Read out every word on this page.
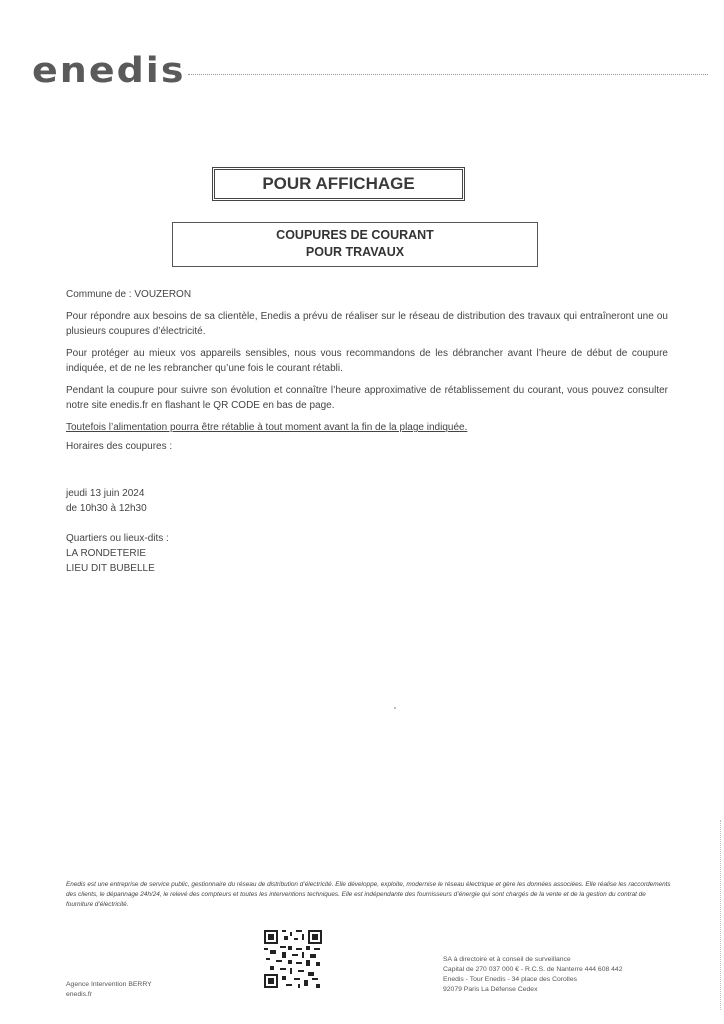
enedis
POUR AFFICHAGE
COUPURES DE COURANT
POUR TRAVAUX

Commune de : VOUZERON

Pour répondre aux besoins de sa clientèle, Enedis a prévu de réaliser sur le réseau de distribution des travaux qui entraîneront une ou plusieurs coupures d’électricité.

Pour protéger au mieux vos appareils sensibles, nous vous recommandons de les débrancher avant l’heure de début de coupure indiquée, et de ne les rebrancher qu’une fois le courant rétabli.

Pendant la coupure pour suivre son évolution et connaître l’heure approximative de rétablissement du courant, vous pouvez consulter notre site enedis.fr en flashant le QR CODE en bas de page.

Toutefois l’alimentation pourra être rétablie à tout moment avant la fin de la plage indiquée.

Horaires des coupures :

jeudi 13 juin 2024
de 10h30 à 12h30
Quartiers ou lieux-dits :
LA RONDETERIE
LIEU DIT BUBELLE
Enedis est une entreprise de service public, gestionnaire du réseau de distribution d’électricité. Elle développe, exploite, modernise le réseau électrique et gère les données associées. Elle réalise les raccordements des clients, le dépannage 24h/24, le relevé des compteurs et toutes les interventions techniques. Elle est indépendante des fournisseurs d’énergie qui sont chargés de la vente et de la gestion du contrat de fourniture d’électricité.
Agence Intervention BERRY
enedis.fr
SA à directoire et à conseil de surveillance
Capital de 270 037 000 € - R.C.S. de Nanterre 444 608 442
Enedis - Tour Enedis - 34 place des Corolles
92079 Paris La Défense Cedex
